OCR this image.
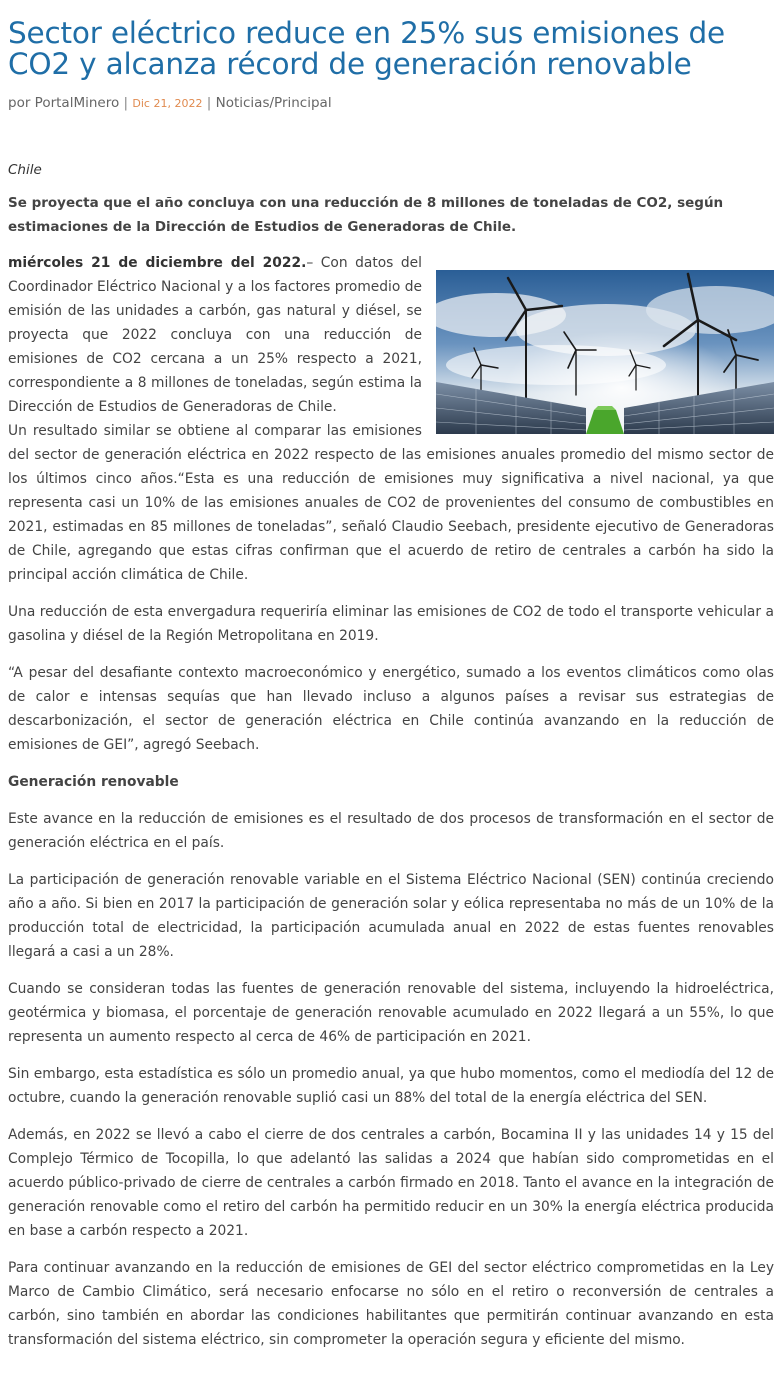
Sector eléctrico reduce en 25% sus emisiones de CO2 y alcanza récord de generación renovable
por PortalMinero | Dic 21, 2022 | Noticias/Principal
Chile
Se proyecta que el año concluya con una reducción de 8 millones de toneladas de CO2, según estimaciones de la Dirección de Estudios de Generadoras de Chile.

miércoles 21 de diciembre del 2022.– Con datos del Coordinador Eléctrico Nacional y a los factores promedio de emisión de las unidades a carbón, gas natural y diésel, se proyecta que 2022 concluya con una reducción de emisiones de CO2 cercana a un 25% respecto a 2021, correspondiente a 8 millones de toneladas, según estima la Dirección de Estudios de Generadoras de Chile.

Un resultado similar se obtiene al comparar las emisiones del sector de generación eléctrica en 2022 respecto de las emisiones anuales promedio del mismo sector de los últimos cinco años.“Esta es una reducción de emisiones muy significativa a nivel nacional, ya que representa casi un 10% de las emisiones anuales de CO2 de provenientes del consumo de combustibles en 2021, estimadas en 85 millones de toneladas”, señaló Claudio Seebach, presidente ejecutivo de Generadoras de Chile, agregando que estas cifras confirman que el acuerdo de retiro de centrales a carbón ha sido la principal acción climática de Chile.

Una reducción de esta envergadura requeriría eliminar las emisiones de CO2 de todo el transporte vehicular a gasolina y diésel de la Región Metropolitana en 2019.

“A pesar del desafiante contexto macroeconómico y energético, sumado a los eventos climáticos como olas de calor e intensas sequías que han llevado incluso a algunos países a revisar sus estrategias de descarbonización, el sector de generación eléctrica en Chile continúa avanzando en la reducción de emisiones de GEI”, agregó Seebach.

Generación renovable

Este avance en la reducción de emisiones es el resultado de dos procesos de transformación en el sector de generación eléctrica en el país.

La participación de generación renovable variable en el Sistema Eléctrico Nacional (SEN) continúa creciendo año a año. Si bien en 2017 la participación de generación solar y eólica representaba no más de un 10% de la producción total de electricidad, la participación acumulada anual en 2022 de estas fuentes renovables llegará a casi a un 28%.

Cuando se consideran todas las fuentes de generación renovable del sistema, incluyendo la hidroeléctrica, geotérmica y biomasa, el porcentaje de generación renovable acumulado en 2022 llegará a un 55%, lo que representa un aumento respecto al cerca de 46% de participación en 2021.

Sin embargo, esta estadística es sólo un promedio anual, ya que hubo momentos, como el mediodía del 12 de octubre, cuando la generación renovable suplió casi un 88% del total de la energía eléctrica del SEN.

Además, en 2022 se llevó a cabo el cierre de dos centrales a carbón, Bocamina II y las unidades 14 y 15 del Complejo Térmico de Tocopilla, lo que adelantó las salidas a 2024 que habían sido comprometidas en el acuerdo público-privado de cierre de centrales a carbón firmado en 2018. Tanto el avance en la integración de generación renovable como el retiro del carbón ha permitido reducir en un 30% la energía eléctrica producida en base a carbón respecto a 2021.

Para continuar avanzando en la reducción de emisiones de GEI del sector eléctrico comprometidas en la Ley Marco de Cambio Climático, será necesario enfocarse no sólo en el retiro o reconversión de centrales a carbón, sino también en abordar las condiciones habilitantes que permitirán continuar avanzando en esta transformación del sistema eléctrico, sin comprometer la operación segura y eficiente del mismo.
